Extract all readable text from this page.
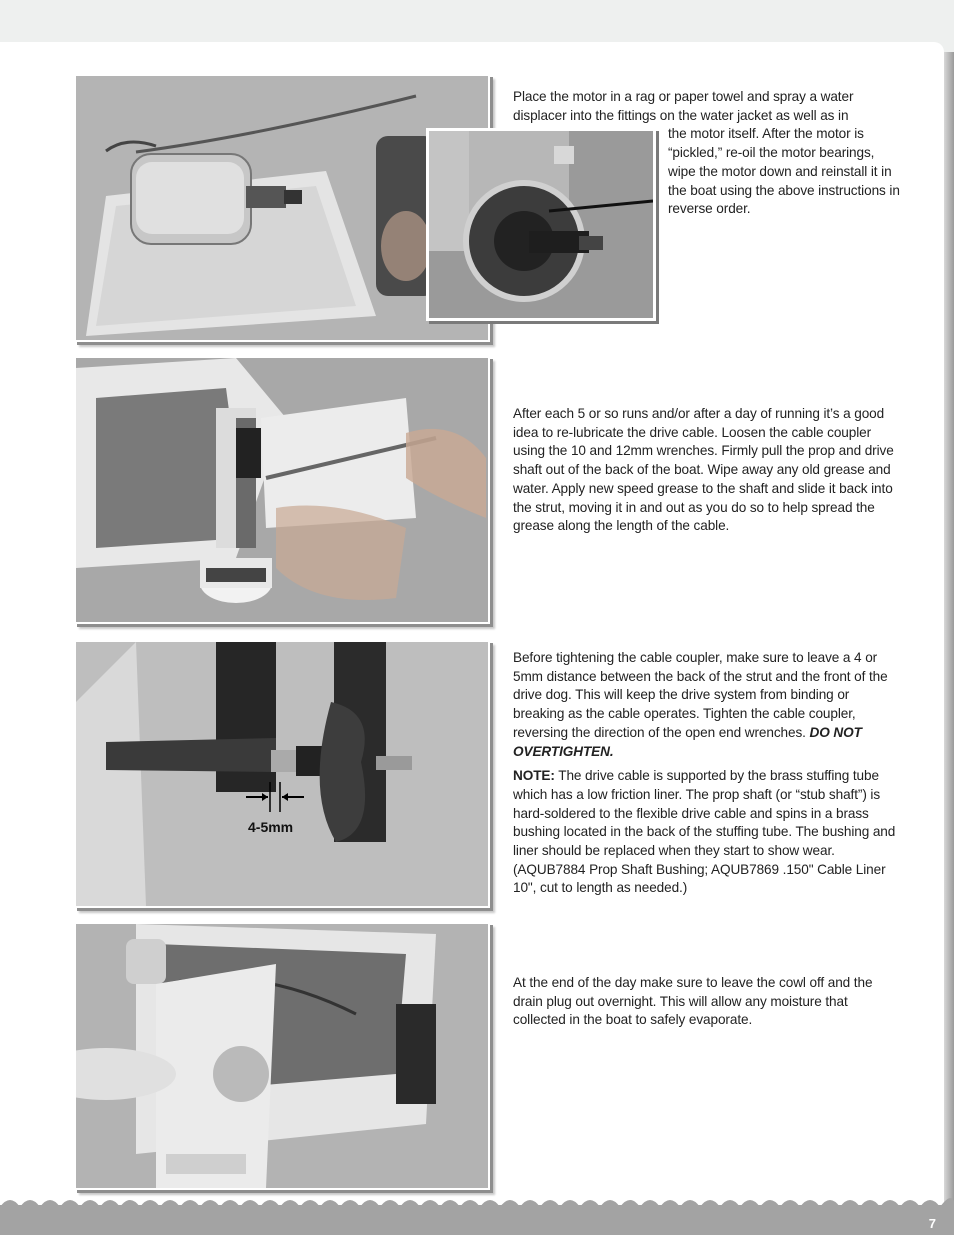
Place the motor in a rag or paper towel and spray a water displacer into the fittings on the water jacket as well as in
the motor itself. After the motor is “pickled,” re-oil the motor bearings, wipe the motor down and reinstall it in the boat using the above instructions in reverse order.

After each 5 or so runs and/or after a day of running it’s a good idea to re-lubricate the drive cable. Loosen the cable coupler using the 10 and 12mm wrenches. Firmly pull the prop and drive shaft out of the back of the boat. Wipe away any old grease and water. Apply new speed grease to the shaft and slide it back into the strut, moving it in and out as you do so to help spread the grease along the length of the cable.

4-5mm

Before tightening the cable coupler, make sure to leave a 4 or 5mm distance between the back of the strut and the front of the drive dog. This will keep the drive system from binding or breaking as the cable operates. Tighten the cable coupler, reversing the direction of the open end wrenches. DO NOT OVERTIGHTEN.

NOTE: The drive cable is supported by the brass stuffing tube which has a low friction liner. The prop shaft (or “stub shaft”) is hard-soldered to the flexible drive cable and spins in a brass bushing located in the back of the stuffing tube. The bushing and liner should be replaced when they start to show wear. (AQUB7884 Prop Shaft Bushing; AQUB7869 .150" Cable Liner 10", cut to length as needed.)

At the end of the day make sure to leave the cowl off and the drain plug out overnight. This will allow any moisture that collected in the boat to safely evaporate.

7
